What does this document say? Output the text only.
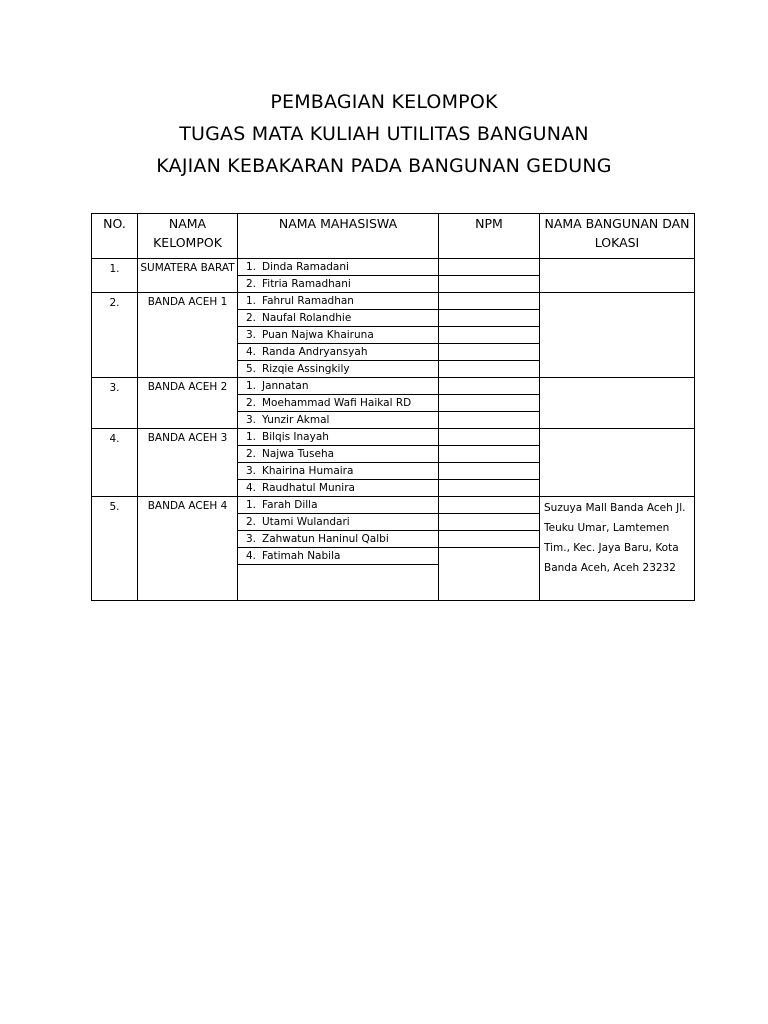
PEMBAGIAN KELOMPOK
TUGAS MATA KULIAH UTILITAS BANGUNAN
KAJIAN KEBAKARAN PADA BANGUNAN GEDUNG
NO.	NAMA KELOMPOK	NAMA MAHASISWA	NPM	NAMA BANGUNAN DAN LOKASI
1.	SUMATERA BARAT	1. Dinda Ramadani		
		2. Fitria Ramadhani		
2.	BANDA ACEH 1	1. Fahrul Ramadhan		
		2. Naufal Rolandhie		
		3. Puan Najwa Khairuna		
		4. Randa Andryansyah		
		5. Rizqie Assingkily		
3.	BANDA ACEH 2	1. Jannatan		
		2. Moehammad Wafi Haikal RD		
		3. Yunzir Akmal		
4.	BANDA ACEH 3	1. Bilqis Inayah		
		2. Najwa Tuseha		
		3. Khairina Humaira		
		4. Raudhatul Munira		
5.	BANDA ACEH 4	1. Farah Dilla		Suzuya Mall Banda Aceh Jl. Teuku Umar, Lamtemen Tim., Kec. Jaya Baru, Kota Banda Aceh, Aceh 23232
		2. Utami Wulandari		
		3. Zahwatun Haninul Qalbi		
		4. Fatimah Nabila		
